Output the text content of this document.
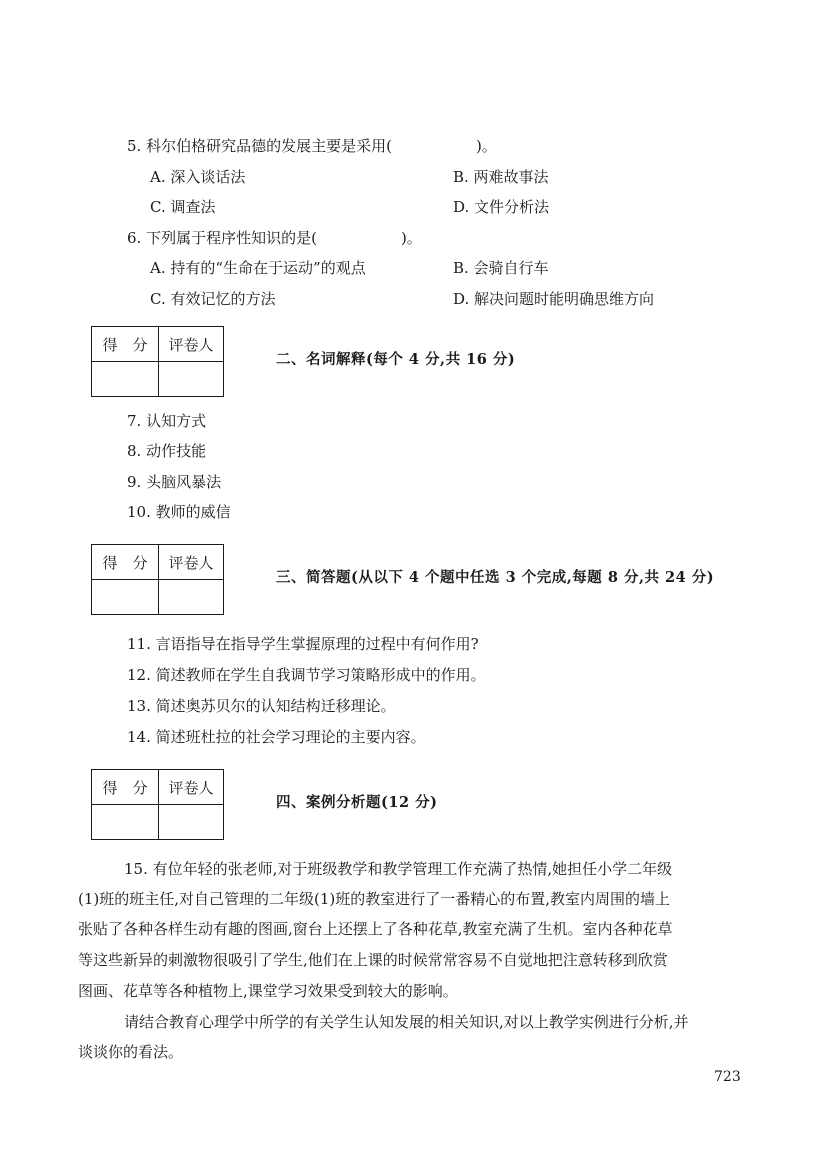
5. 科尔伯格研究品德的发展主要是采用(	)。
A. 深入谈话法	B. 两难故事法
C. 调查法	D. 文件分析法
6. 下列属于程序性知识的是(	)。
A. 持有的“生命在于运动”的观点	B. 会骑自行车
C. 有效记忆的方法	D. 解决问题时能明确思维方向
得　分	评卷人

二、名词解释(每个 4 分,共 16 分)
7. 认知方式
8. 动作技能
9. 头脑风暴法
10. 教师的威信
得　分	评卷人

三、简答题(从以下 4 个题中任选 3 个完成,每题 8 分,共 24 分)
11. 言语指导在指导学生掌握原理的过程中有何作用?
12. 简述教师在学生自我调节学习策略形成中的作用。
13. 简述奥苏贝尔的认知结构迁移理论。
14. 简述班杜拉的社会学习理论的主要内容。
得　分	评卷人

四、案例分析题(12 分)
15. 有位年轻的张老师,对于班级教学和教学管理工作充满了热情,她担任小学二年级
(1)班的班主任,对自己管理的二年级(1)班的教室进行了一番精心的布置,教室内周围的墙上
张贴了各种各样生动有趣的图画,窗台上还摆上了各种花草,教室充满了生机。室内各种花草
等这些新异的刺激物很吸引了学生,他们在上课的时候常常容易不自觉地把注意转移到欣赏
图画、花草等各种植物上,课堂学习效果受到较大的影响。
请结合教育心理学中所学的有关学生认知发展的相关知识,对以上教学实例进行分析,并
谈谈你的看法。
723
